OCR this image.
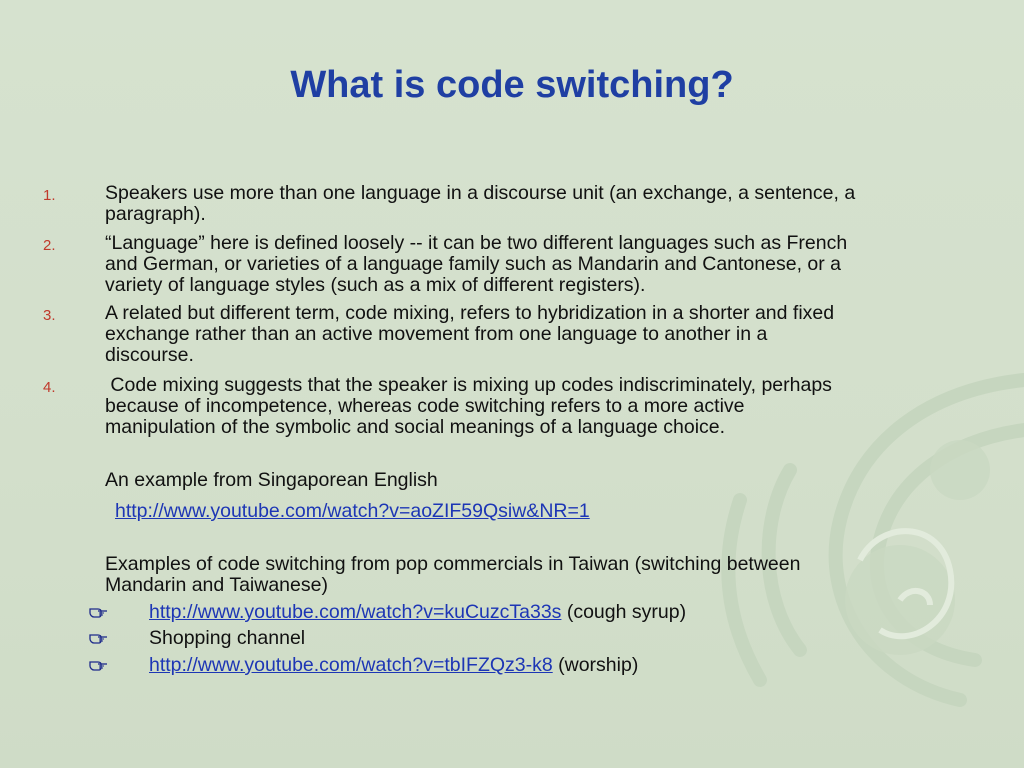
What is code switching?
1.	Speakers use more than one language in a discourse unit (an exchange, a sentence, a
paragraph).
2.	“Language” here is defined loosely -- it can be two different languages such as French
and German, or varieties of a language family such as Mandarin and Cantonese, or a
variety of language styles (such as a mix of different registers).
3.	A related but different term, code mixing, refers to hybridization in a shorter and fixed
exchange rather than an active movement from one language to another in a
discourse.
4.	Code mixing suggests that the speaker is mixing up codes indiscriminately, perhaps
because of incompetence, whereas code switching refers to a more active
manipulation of the symbolic and social meanings of a language choice.
An example from Singaporean English
http://www.youtube.com/watch?v=aoZIF59Qsiw&NR=1
Examples of code switching from pop commercials in Taiwan (switching between
Mandarin and Taiwanese)
http://www.youtube.com/watch?v=kuCuzcTa33s (cough syrup)
Shopping channel
http://www.youtube.com/watch?v=tbIFZQz3-k8 (worship)
